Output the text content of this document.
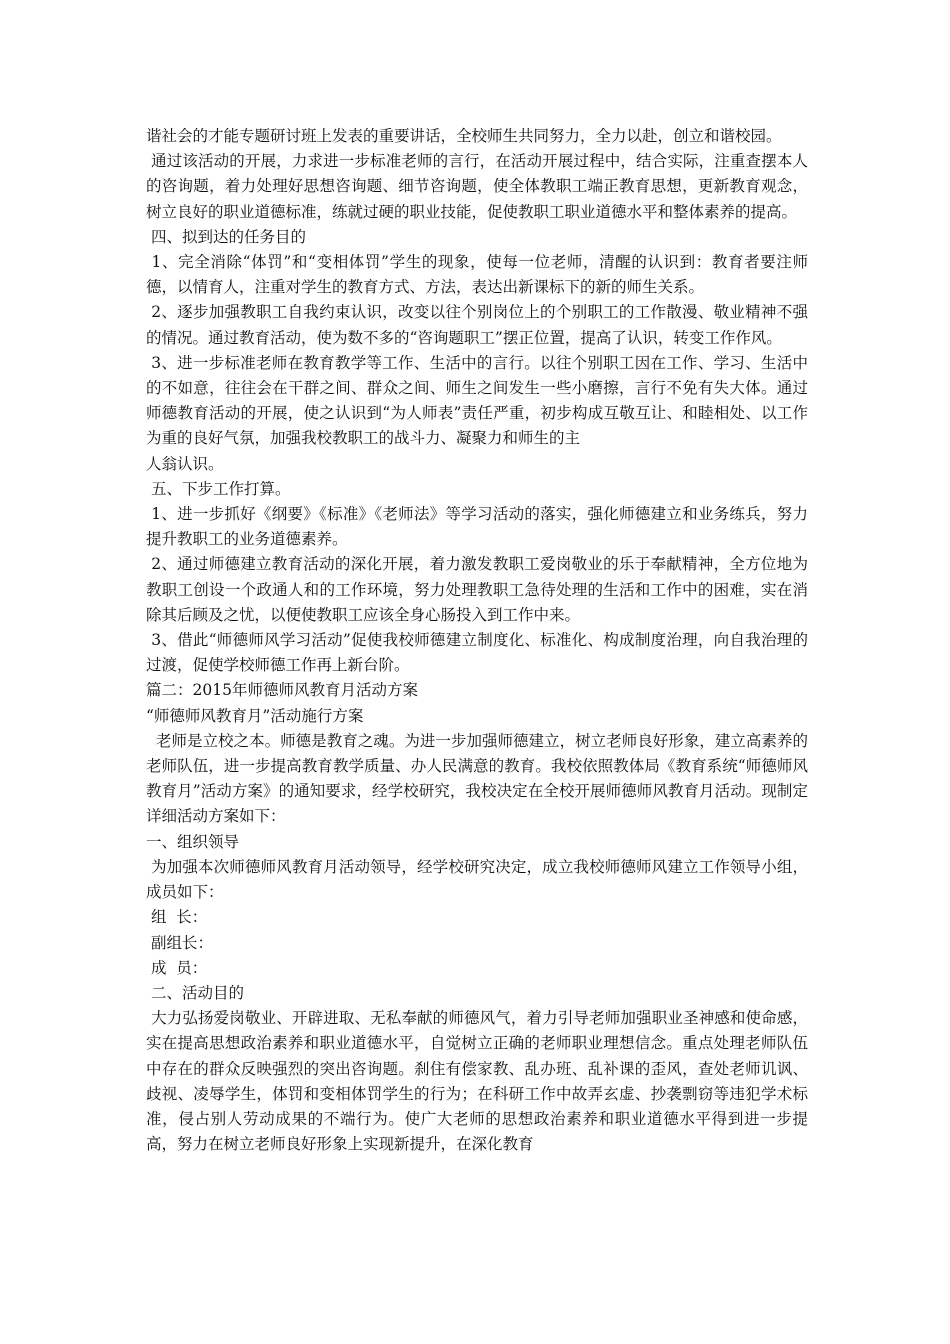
谐社会的才能专题研讨班上发表的重要讲话，全校师生共同努力，全力以赴，创立和谐校园。

通过该活动的开展，力求进一步标准老师的言行，在活动开展过程中，结合实际，注重查摆本人的咨询题，着力处理好思想咨询题、细节咨询题，使全体教职工端正教育思想，更新教育观念，树立良好的职业道德标准，练就过硬的职业技能，促使教职工职业道德水平和整体素养的提高。

四、拟到达的任务目的

1、完全消除“体罚”和“变相体罚”学生的现象，使每一位老师，清醒的认识到：教育者要注师德，以情育人，注重对学生的教育方式、方法，表达出新课标下的新的师生关系。

2、逐步加强教职工自我约束认识，改变以往个别岗位上的个别职工的工作散漫、敬业精神不强的情况。通过教育活动，使为数不多的“咨询题职工”摆正位置，提高了认识，转变工作作风。

3、进一步标准老师在教育教学等工作、生活中的言行。以往个别职工因在工作、学习、生活中的不如意，往往会在干群之间、群众之间、师生之间发生一些小磨擦，言行不免有失大体。通过师德教育活动的开展，使之认识到“为人师表”责任严重，初步构成互敬互让、和睦相处、以工作为重的良好气氛，加强我校教职工的战斗力、凝聚力和师生的主
人翁认识。

五、下步工作打算。

1、进一步抓好《纲要》《标准》《老师法》等学习活动的落实，强化师德建立和业务练兵，努力提升教职工的业务道德素养。

2、通过师德建立教育活动的深化开展，着力激发教职工爱岗敬业的乐于奉献精神，全方位地为教职工创设一个政通人和的工作环境，努力处理教职工急待处理的生活和工作中的困难，实在消除其后顾及之忧，以便使教职工应该全身心肠投入到工作中来。

3、借此“师德师风学习活动”促使我校师德建立制度化、标准化、构成制度治理，向自我治理的过渡，促使学校师德工作再上新台阶。

篇二：2015年师德师风教育月活动方案

“师德师风教育月”活动施行方案

老师是立校之本。师德是教育之魂。为进一步加强师德建立，树立老师良好形象，建立高素养的老师队伍，进一步提高教育教学质量、办人民满意的教育。我校依照教体局《教育系统“师德师风教育月”活动方案》的通知要求，经学校研究，我校决定在全校开展师德师风教育月活动。现制定详细活动方案如下：

一、组织领导

为加强本次师德师风教育月活动领导，经学校研究决定，成立我校师德师风建立工作领导小组，成员如下：

组  长：

副组长：

成  员：

二、活动目的

大力弘扬爱岗敬业、开辟进取、无私奉献的师德风气，着力引导老师加强职业圣神感和使命感，实在提高思想政治素养和职业道德水平，自觉树立正确的老师职业理想信念。重点处理老师队伍中存在的群众反映强烈的突出咨询题。刹住有偿家教、乱办班、乱补课的歪风，查处老师讥讽、歧视、凌辱学生，体罚和变相体罚学生的行为；在科研工作中故弄玄虚、抄袭剽窃等违犯学术标准，侵占别人劳动成果的不端行为。使广大老师的思想政治素养和职业道德水平得到进一步提高，努力在树立老师良好形象上实现新提升，在深化教育
